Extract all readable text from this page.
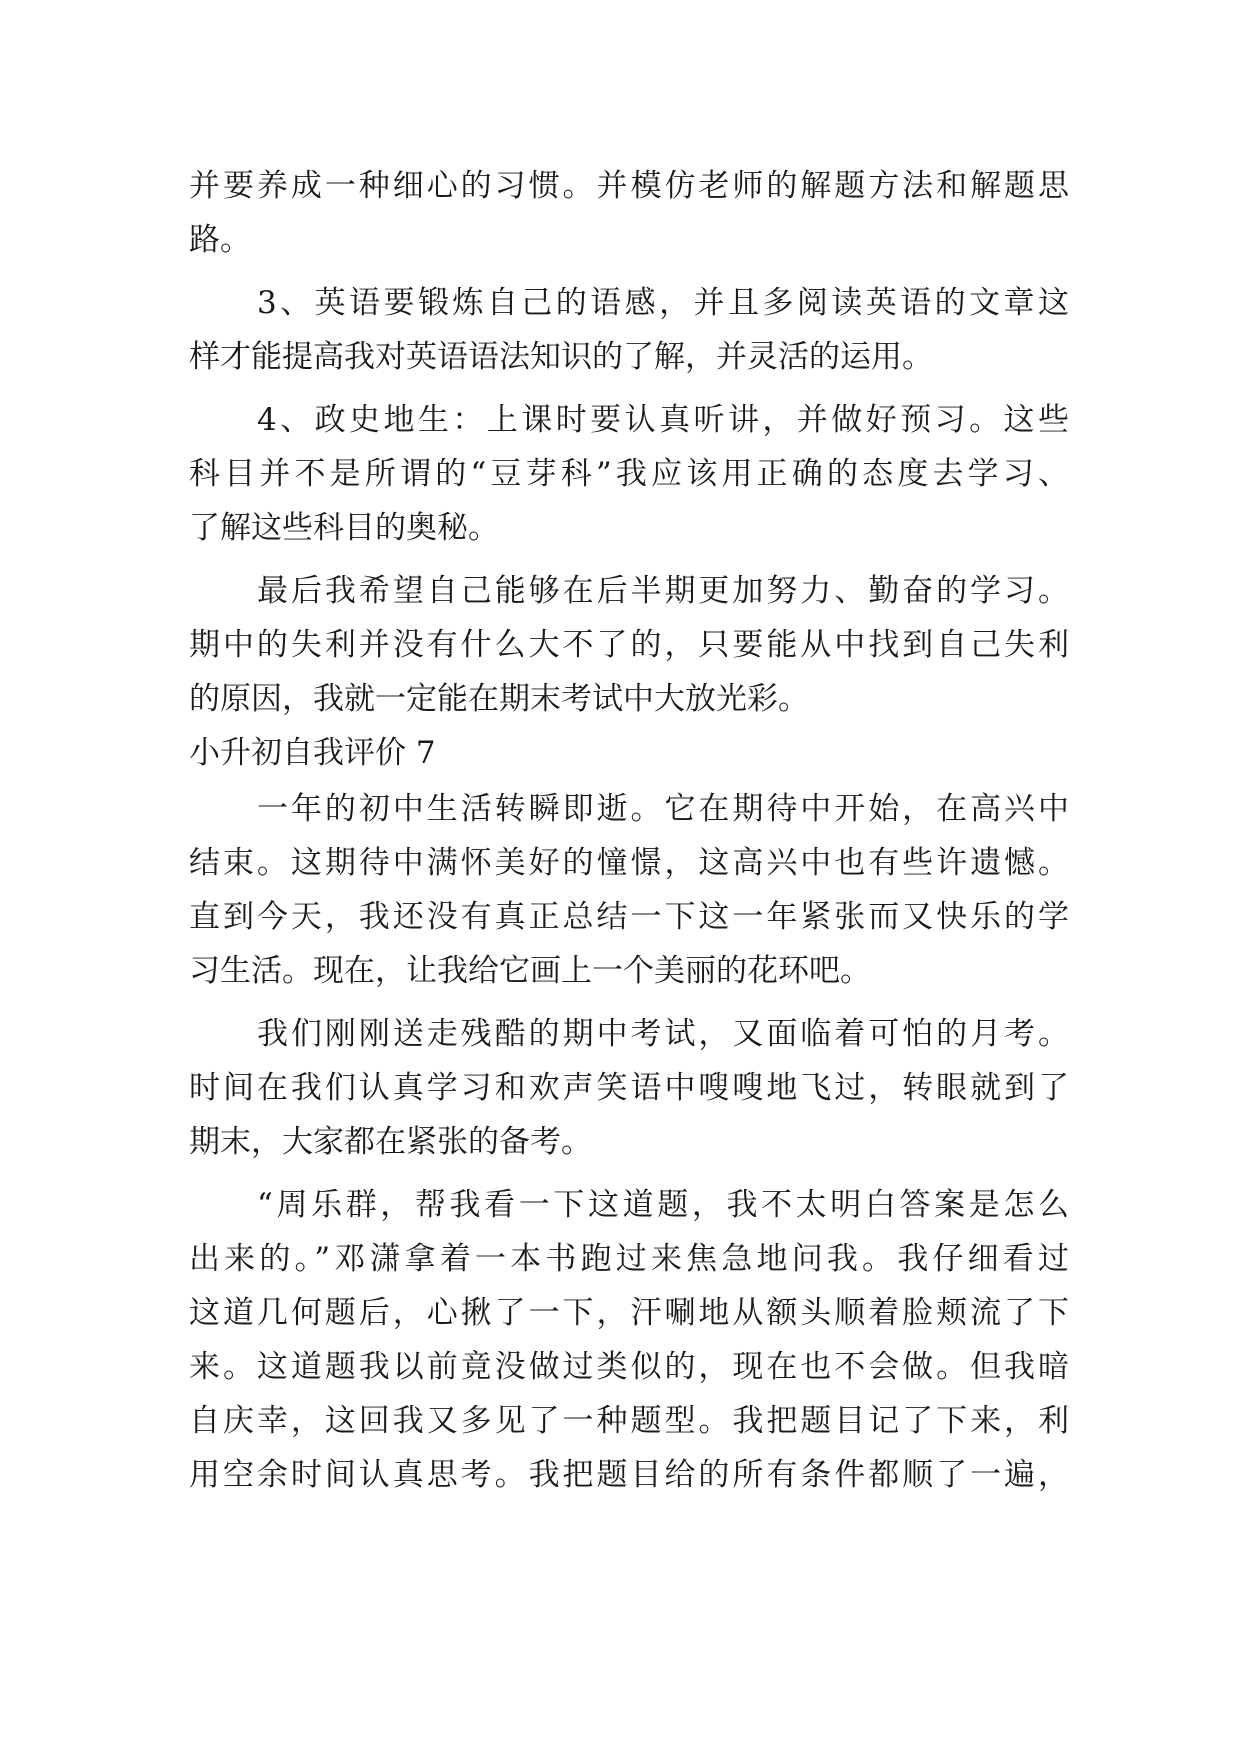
并要养成一种细心的习惯。并模仿老师的解题方法和解题思
路。
3、英语要锻炼自己的语感，并且多阅读英语的文章这
样才能提高我对英语语法知识的了解，并灵活的运用。
4、政史地生：上课时要认真听讲，并做好预习。这些
科目并不是所谓的“豆芽科”我应该用正确的态度去学习、
了解这些科目的奥秘。
最后我希望自己能够在后半期更加努力、勤奋的学习。
期中的失利并没有什么大不了的，只要能从中找到自己失利
的原因，我就一定能在期末考试中大放光彩。
小升初自我评价 7
一年的初中生活转瞬即逝。它在期待中开始，在高兴中
结束。这期待中满怀美好的憧憬，这高兴中也有些许遗憾。
直到今天，我还没有真正总结一下这一年紧张而又快乐的学
习生活。现在，让我给它画上一个美丽的花环吧。
我们刚刚送走残酷的期中考试，又面临着可怕的月考。
时间在我们认真学习和欢声笑语中嗖嗖地飞过，转眼就到了
期末，大家都在紧张的备考。
“周乐群，帮我看一下这道题，我不太明白答案是怎么
出来的。”邓潇拿着一本书跑过来焦急地问我。我仔细看过
这道几何题后，心揪了一下，汗唰地从额头顺着脸颊流了下
来。这道题我以前竟没做过类似的，现在也不会做。但我暗
自庆幸，这回我又多见了一种题型。我把题目记了下来，利
用空余时间认真思考。我把题目给的所有条件都顺了一遍，
